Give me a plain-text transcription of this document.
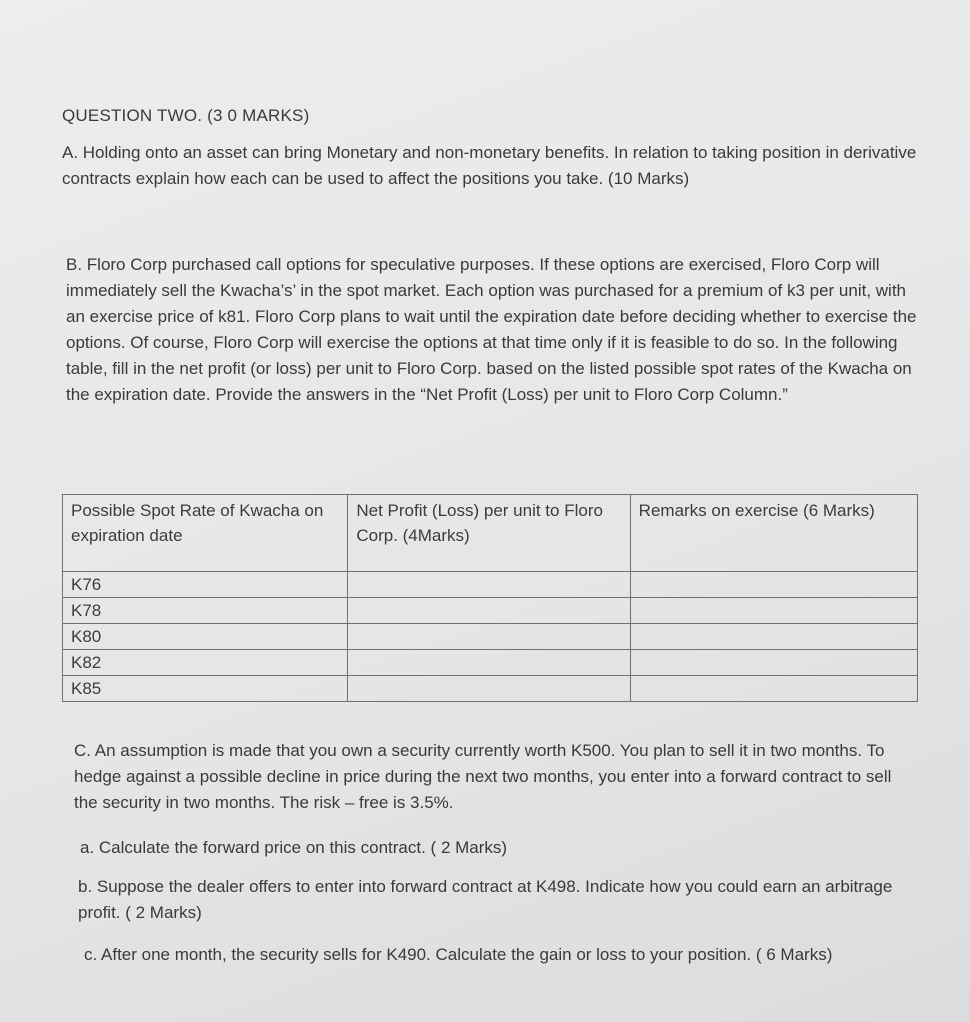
QUESTION TWO. (3 0 MARKS)

A. Holding onto an asset can bring Monetary and non-monetary benefits. In relation to taking position in derivative contracts explain how each can be used to affect the positions you take. (10 Marks)

B. Floro Corp purchased call options for speculative purposes. If these options are exercised, Floro Corp will immediately sell the Kwacha’s’ in the spot market. Each option was purchased for a premium of k3 per unit, with an exercise price of k81. Floro Corp plans to wait until the expiration date before deciding whether to exercise the options. Of course, Floro Corp will exercise the options at that time only if it is feasible to do so. In the following table, fill in the net profit (or loss) per unit to Floro Corp. based on the listed possible spot rates of the Kwacha on the expiration date. Provide the answers in the “Net Profit (Loss) per unit to Floro Corp Column.”

Possible Spot Rate of Kwacha on expiration date	Net Profit (Loss) per unit to Floro Corp. (4Marks)	Remarks on exercise (6 Marks)
K76		
K78		
K80		
K82		
K85		

C. An assumption is made that you own a security currently worth K500. You plan to sell it in two months. To hedge against a possible decline in price during the next two months, you enter into a forward contract to sell the security in two months. The risk – free is 3.5%.

a. Calculate the forward price on this contract. ( 2 Marks)

b. Suppose the dealer offers to enter into forward contract at K498. Indicate how you could earn an arbitrage profit. ( 2 Marks)

c. After one month, the security sells for K490. Calculate the gain or loss to your position. ( 6 Marks)
